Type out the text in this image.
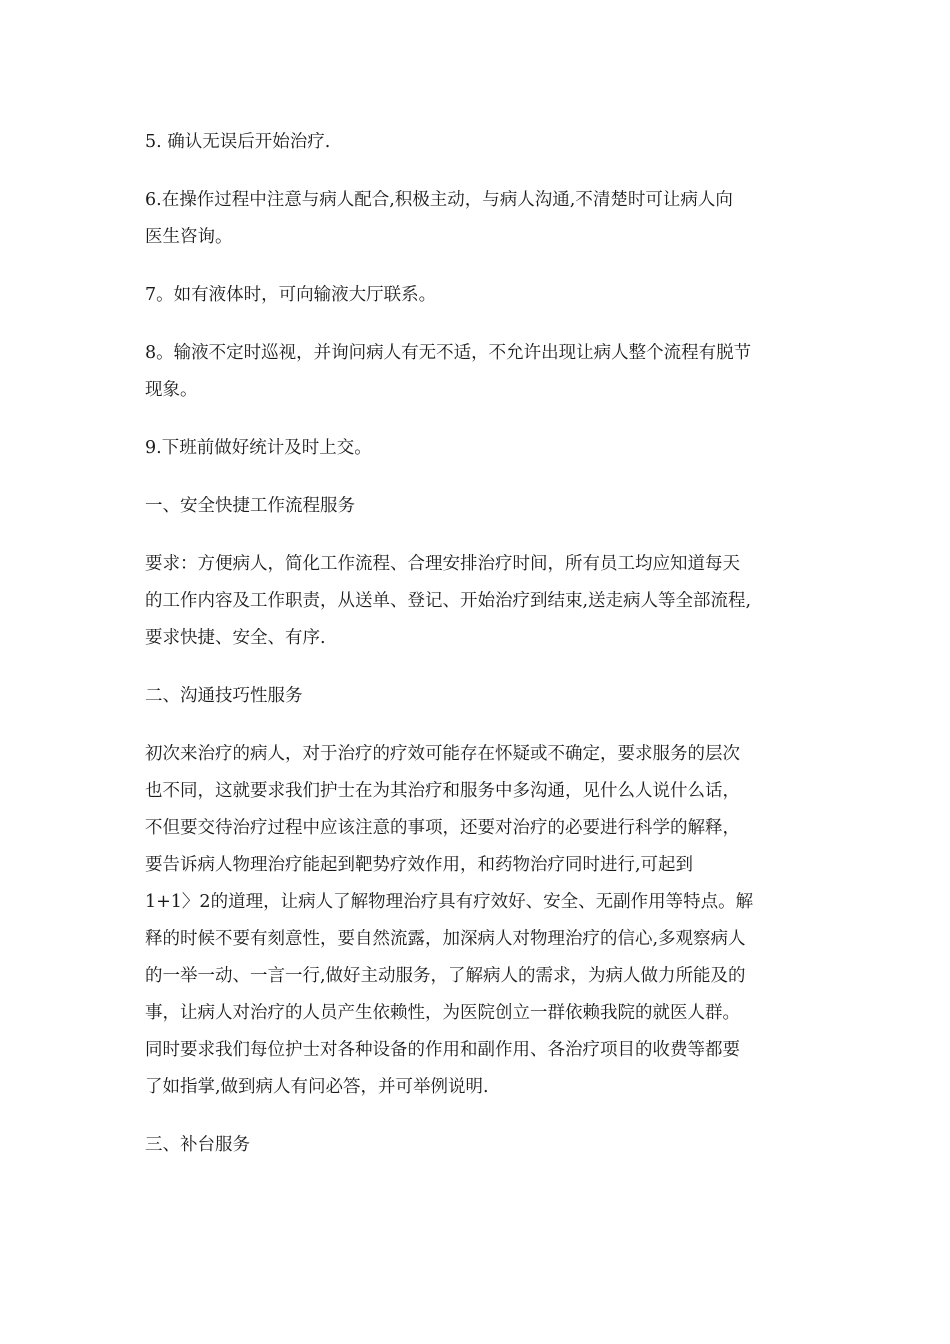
5. 确认无误后开始治疗.

6.在操作过程中注意与病人配合,积极主动，与病人沟通,不清楚时可让病人向
医生咨询。

7。如有液体时，可向输液大厅联系。

8。输液不定时巡视，并询问病人有无不适，不允许出现让病人整个流程有脱节
现象。

9.下班前做好统计及时上交。

一、安全快捷工作流程服务

要求：方便病人，简化工作流程、合理安排治疗时间，所有员工均应知道每天
的工作内容及工作职责，从送单、登记、开始治疗到结束,送走病人等全部流程,
要求快捷、安全、有序.

二、沟通技巧性服务

初次来治疗的病人，对于治疗的疗效可能存在怀疑或不确定，要求服务的层次
也不同，这就要求我们护士在为其治疗和服务中多沟通，见什么人说什么话，
不但要交待治疗过程中应该注意的事项，还要对治疗的必要进行科学的解释，
要告诉病人物理治疗能起到靶势疗效作用，和药物治疗同时进行,可起到
1+1〉2的道理，让病人了解物理治疗具有疗效好、安全、无副作用等特点。解
释的时候不要有刻意性，要自然流露，加深病人对物理治疗的信心,多观察病人
的一举一动、一言一行,做好主动服务，了解病人的需求，为病人做力所能及的
事，让病人对治疗的人员产生依赖性，为医院创立一群依赖我院的就医人群。
同时要求我们每位护士对各种设备的作用和副作用、各治疗项目的收费等都要
了如指掌,做到病人有问必答，并可举例说明.

三、补台服务
